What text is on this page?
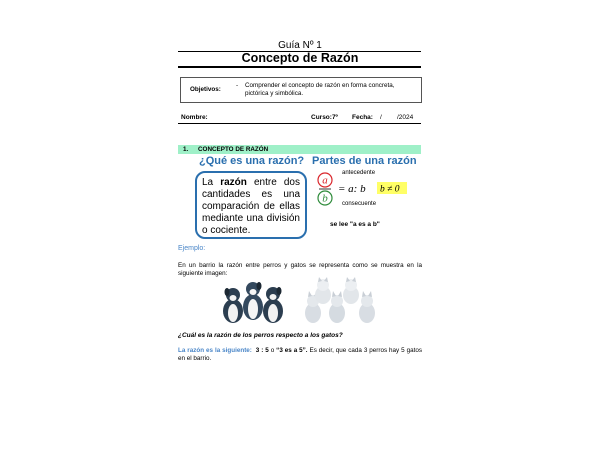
Guía Nº 1
Concepto de Razón
Objetivos:
- Comprender el concepto de razón en forma concreta, pictórica y simbólica.
Nombre:	Curso:7º Fecha: / /2024
1. CONCEPTO DE RAZÓN
¿Qué es una razón? Partes de una razón
La razón entre dos cantidades es una comparación de ellas mediante una división o cociente.
a
b
= a: b b ≠ 0
antecedente
consecuente
se lee "a es a b"
Ejemplo:
En un barrio la razón entre perros y gatos se representa como se muestra en la siguiente imagen:
¿Cuál es la razón de los perros respecto a los gatos?
La razón es la siguiente: 3 : 5 o “3 es a 5”. Es decir, que cada 3 perros hay 5 gatos en el barrio.
